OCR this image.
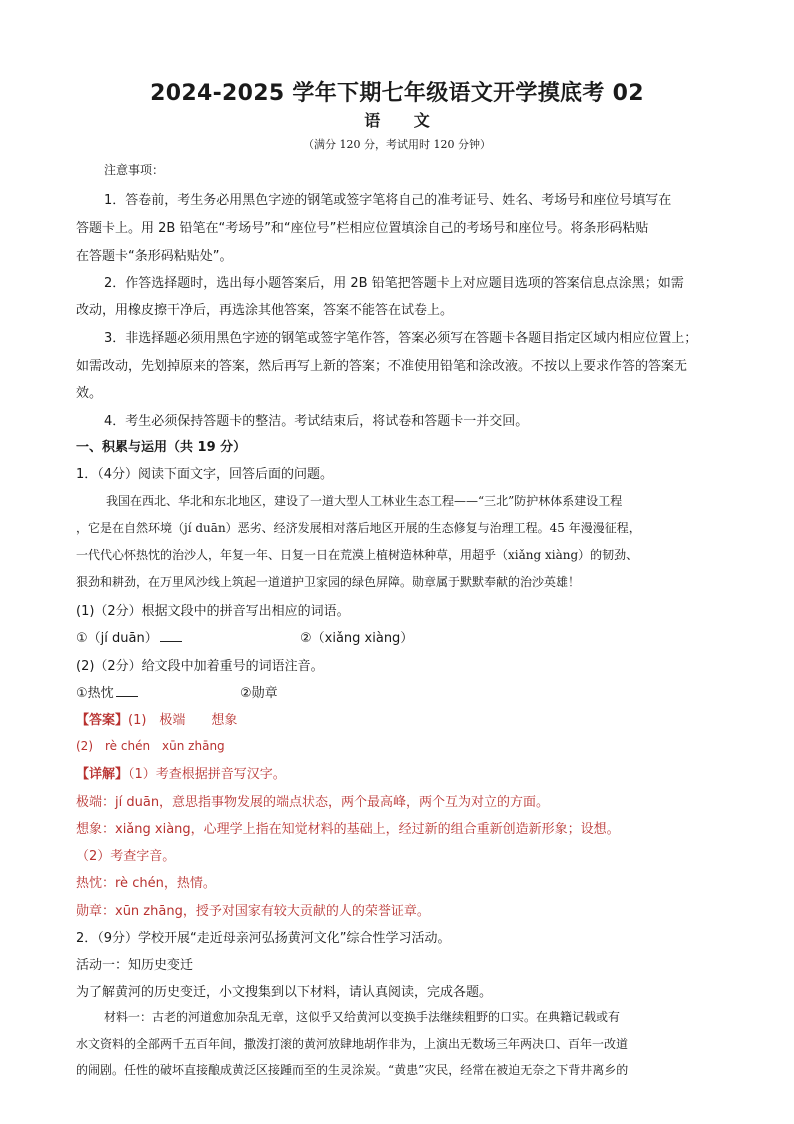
2024-2025 学年下期七年级语文开学摸底考 02
语 文
（满分 120 分，考试用时 120 分钟）
注意事项：
1．答卷前，考生务必用黑色字迹的钢笔或签字笔将自己的准考证号、姓名、考场号和座位号填写在
答题卡上。用 2B 铅笔在“考场号”和“座位号”栏相应位置填涂自己的考场号和座位号。将条形码粘贴
在答题卡“条形码粘贴处”。
2．作答选择题时，选出每小题答案后，用 2B 铅笔把答题卡上对应题目选项的答案信息点涂黑；如需
改动，用橡皮擦干净后，再选涂其他答案，答案不能答在试卷上。
3．非选择题必须用黑色字迹的钢笔或签字笔作答，答案必须写在答题卡各题目指定区域内相应位置上；
如需改动，先划掉原来的答案，然后再写上新的答案；不准使用铅笔和涂改液。不按以上要求作答的答案无
效。
4．考生必须保持答题卡的整洁。考试结束后，将试卷和答题卡一并交回。
一、积累与运用（共 19 分）
1．（4分）阅读下面文字，回答后面的问题。
我国在西北、华北和东北地区，建设了一道大型人工林业生态工程——“三北”防护林体系建设工程
，它是在自然环境（jí duān）恶劣、经济发展相对落后地区开展的生态修复与治理工程。45 年漫漫征程，
一代代心怀热忱的治沙人，年复一年、日复一日在荒漠上植树造林种草，用超乎（xiǎng xiàng）的韧劲、
狠劲和耕劲，在万里风沙线上筑起一道道护卫家园的绿色屏障。勋章属于默默奉献的治沙英雄！
(1)（2分）根据文段中的拼音写出相应的词语。
①（jí duān）	②（xiǎng xiàng）
(2)（2分）给文段中加着重号的词语注音。
①热忱	②勋章
【答案】(1)　极端　　想象
(2)　rè chén　xūn zhāng
【详解】（1）考查根据拼音写汉字。
极端：jí duān，意思指事物发展的端点状态，两个最高峰，两个互为对立的方面。
想象：xiǎng xiàng，心理学上指在知觉材料的基础上，经过新的组合重新创造新形象；设想。
（2）考查字音。
热忱：rè chén，热情。
勋章：xūn zhāng，授予对国家有较大贡献的人的荣誉证章。
2．（9分）学校开展“走近母亲河弘扬黄河文化”综合性学习活动。
活动一：知历史变迁
为了解黄河的历史变迁，小文搜集到以下材料，请认真阅读，完成各题。
材料一：古老的河道愈加杂乱无章，这似乎又给黄河以变换手法继续粗野的口实。在典籍记载或有
水文资料的全部两千五百年间，撒泼打滚的黄河放肆地胡作非为，上演出无数场三年两决口、百年一改道
的闹剧。任性的破坏直接酿成黄泛区接踵而至的生灵涂炭。“黄患”灾民，经常在被迫无奈之下背井离乡的
